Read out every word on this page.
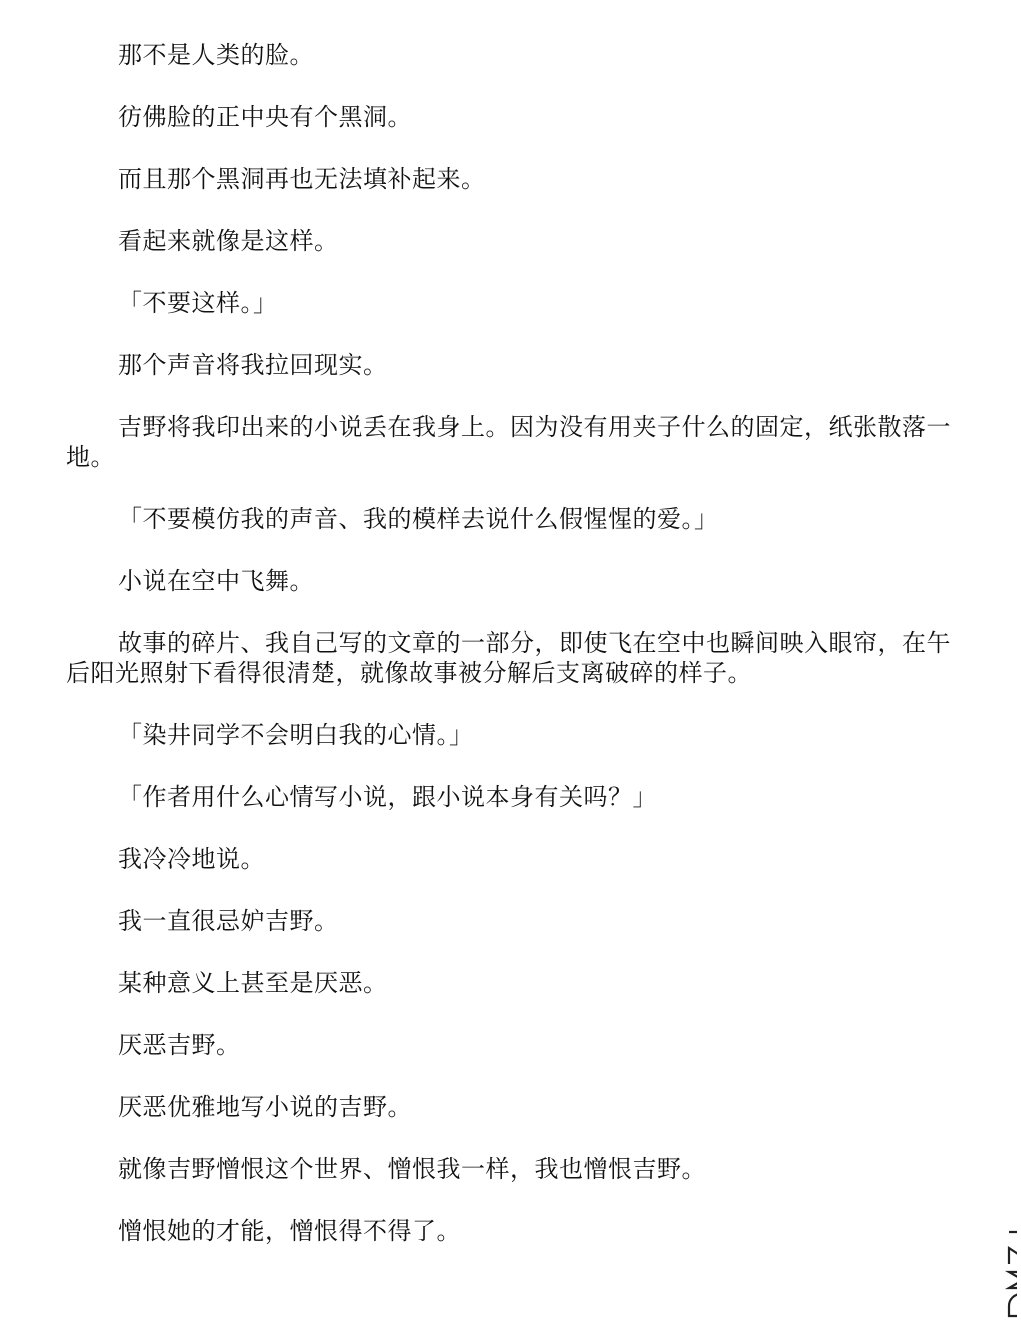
那不是人类的脸。

彷佛脸的正中央有个黑洞。

而且那个黑洞再也无法填补起来。

看起来就像是这样。

「不要这样。」

那个声音将我拉回现实。

吉野将我印出来的小说丢在我身上。因为没有用夹子什么的固定，纸张散落一地。

「不要模仿我的声音、我的模样去说什么假惺惺的爱。」

小说在空中飞舞。

故事的碎片、我自己写的文章的一部分，即使飞在空中也瞬间映入眼帘，在午后阳光照射下看得很清楚，就像故事被分解后支离破碎的样子。

「染井同学不会明白我的心情。」

「作者用什么心情写小说，跟小说本身有关吗？」

我冷冷地说。

我一直很忌妒吉野。

某种意义上甚至是厌恶。

厌恶吉野。

厌恶优雅地写小说的吉野。

就像吉野憎恨这个世界、憎恨我一样，我也憎恨吉野。

憎恨她的才能，憎恨得不得了。
